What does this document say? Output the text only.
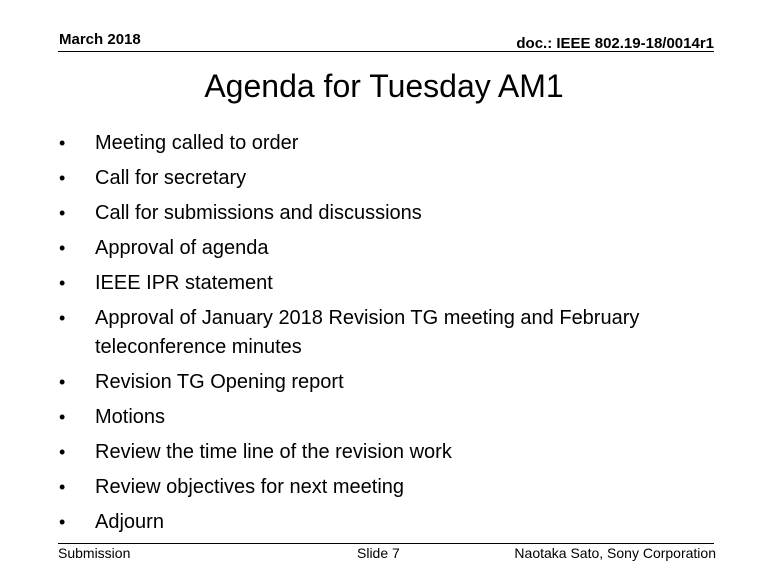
March 2018	doc.: IEEE 802.19-18/0014r1
Agenda for Tuesday AM1
• Meeting called to order
• Call for secretary
• Call for submissions and discussions
• Approval of agenda
• IEEE IPR statement
• Approval of January 2018 Revision TG meeting and February teleconference minutes
• Revision TG Opening report
• Motions
• Review the time line of the revision work
• Review objectives for next meeting
• Adjourn
Submission	Slide 7	Naotaka Sato, Sony Corporation
